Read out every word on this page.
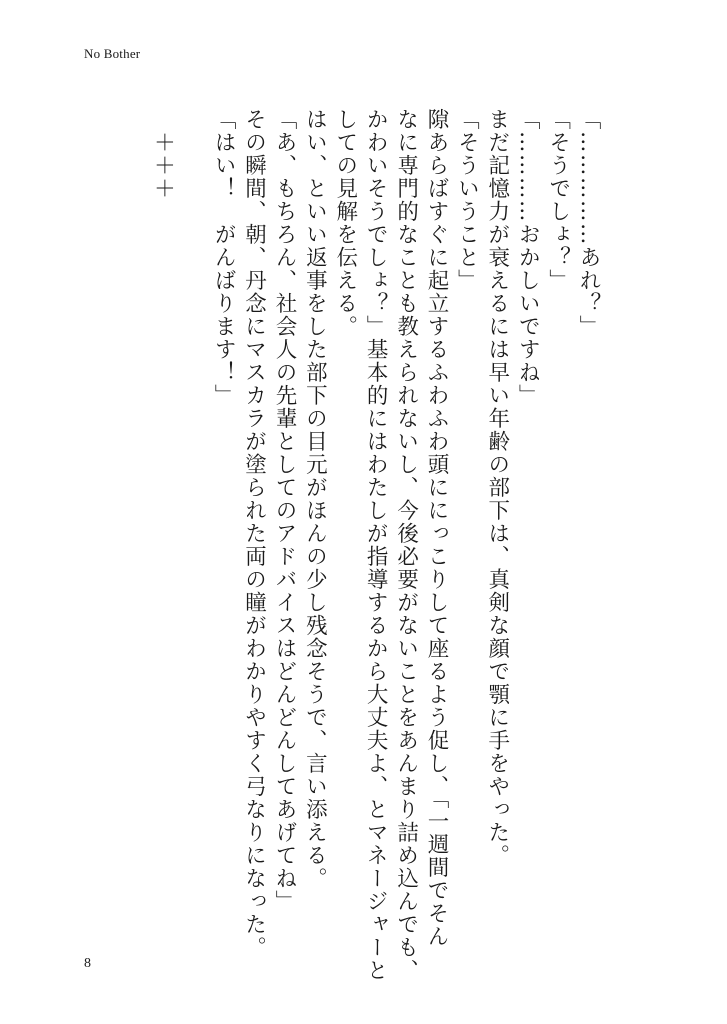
No Bother
「……………あれ？」
「そうでしょ？」
「…………おかしいですね」
まだ記憶力が衰えるには早い年齢の部下は、真剣な顔で顎に手をやった。
「そういうこと」
隙あらばすぐに起立するふわふわ頭ににっこりして座るよう促し、「一週間でそん
なに専門的なことも教えられないし、今後必要がないことをあんまり詰め込んでも、
かわいそうでしょ？」基本的にはわたしが指導するから大丈夫よ、とマネージャーと
しての見解を伝える。
はい、といい返事をした部下の目元がほんの少し残念そうで、言い添える。
「あ、もちろん、社会人の先輩としてのアドバイスはどんどんしてあげてね」
その瞬間、朝、丹念にマスカラが塗られた両の瞳がわかりやすく弓なりになった。
「はい！　がんばります！」
　＋＋＋
8
